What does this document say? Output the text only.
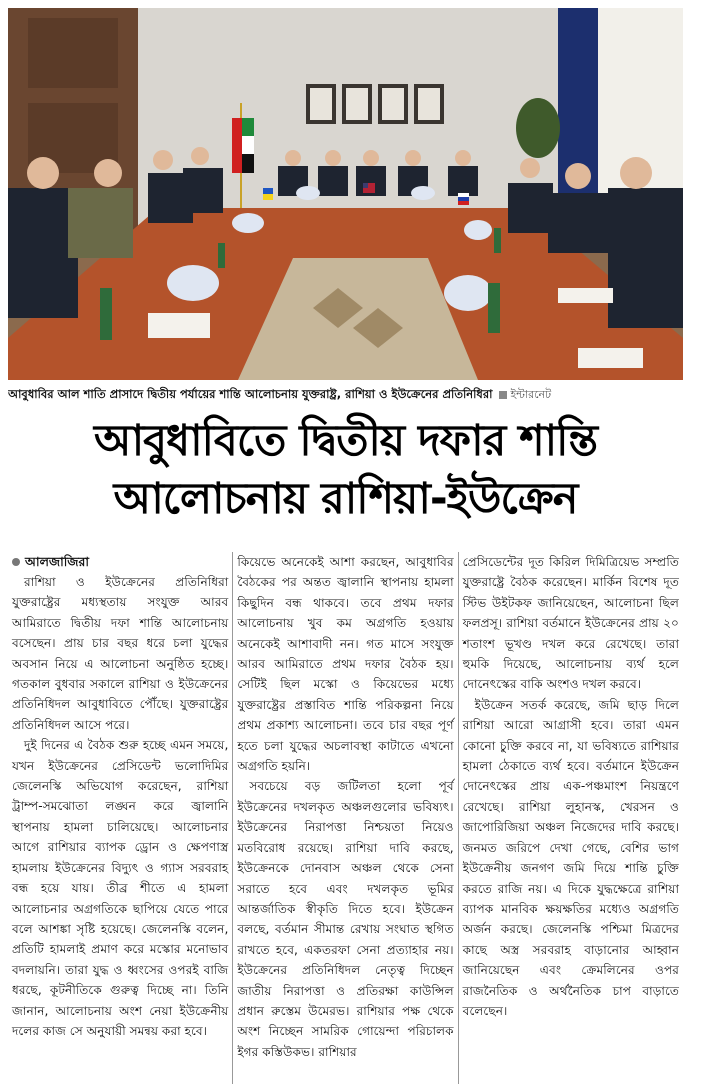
আবুধাবির আল শাতি প্রাসাদে দ্বিতীয় পর্যায়ের শান্তি আলোচনায় যুক্তরাষ্ট্র, রাশিয়া ও ইউক্রেনের প্রতিনিধিরা ইন্টারনেট
আবুধাবিতে দ্বিতীয় দফার শান্তি
আলোচনায় রাশিয়া-ইউক্রেন
আলজাজিরা

রাশিয়া ও ইউক্রেনের প্রতিনিধিরা যুক্তরাষ্ট্রের মধ্যস্থতায় সংযুক্ত আরব আমিরাতে দ্বিতীয় দফা শান্তি আলোচনায় বসেছেন। প্রায় চার বছর ধরে চলা যুদ্ধের অবসান নিয়ে এ আলোচনা অনুষ্ঠিত হচ্ছে। গতকাল বুধবার সকালে রাশিয়া ও ইউক্রেনের প্রতিনিধিদল আবুধাবিতে পৌঁছে। যুক্তরাষ্ট্রের প্রতিনিধিদল আসে পরে।

দুই দিনের এ বৈঠক শুরু হচ্ছে এমন সময়ে, যখন ইউক্রেনের প্রেসিডেন্ট ভলোদিমির জেলেনস্কি অভিযোগ করেছেন, রাশিয়া ট্রাম্প-সমঝোতা লঙ্ঘন করে জ্বালানি স্থাপনায় হামলা চালিয়েছে। আলোচনার আগে রাশিয়ার ব্যাপক ড্রোন ও ক্ষেপণাস্ত্র হামলায় ইউক্রেনের বিদ্যুৎ ও গ্যাস সরবরাহ বন্ধ হয়ে যায়। তীব্র শীতে এ হামলা আলোচনার অগ্রগতিকে ছাপিয়ে যেতে পারে বলে আশঙ্কা সৃষ্টি হয়েছে। জেলেনস্কি বলেন, প্রতিটি হামলাই প্রমাণ করে মস্কোর মনোভাব বদলায়নি। তারা যুদ্ধ ও ধ্বংসের ওপরই বাজি ধরছে, কূটনীতিকে গুরুত্ব দিচ্ছে না। তিনি জানান, আলোচনায় অংশ নেয়া ইউক্রেনীয় দলের কাজ সে অনুযায়ী সমন্বয় করা হবে।

কিয়েভে অনেকেই আশা করছেন, আবুধাবির বৈঠকের পর অন্তত জ্বালানি স্থাপনায় হামলা কিছুদিন বন্ধ থাকবে। তবে প্রথম দফার আলোচনায় খুব কম অগ্রগতি হওয়ায় অনেকেই আশাবাদী নন। গত মাসে সংযুক্ত আরব আমিরাতে প্রথম দফার বৈঠক হয়। সেটিই ছিল মস্কো ও কিয়েভের মধ্যে যুক্তরাষ্ট্রের প্রস্তাবিত শান্তি পরিকল্পনা নিয়ে প্রথম প্রকাশ্য আলোচনা। তবে চার বছর পূর্ণ হতে চলা যুদ্ধের অচলাবস্থা কাটাতে এখনো অগ্রগতি হয়নি।

সবচেয়ে বড় জটিলতা হলো পূর্ব ইউক্রেনের দখলকৃত অঞ্চলগুলোর ভবিষ্যৎ। ইউক্রেনের নিরাপত্তা নিশ্চয়তা নিয়েও মতবিরোধ রয়েছে। রাশিয়া দাবি করছে, ইউক্রেনকে দোনবাস অঞ্চল থেকে সেনা সরাতে হবে এবং দখলকৃত ভূমির আন্তর্জাতিক স্বীকৃতি দিতে হবে। ইউক্রেন বলছে, বর্তমান সীমান্ত রেখায় সংঘাত স্থগিত রাখতে হবে, একতরফা সেনা প্রত্যাহার নয়। ইউক্রেনের প্রতিনিধিদল নেতৃত্ব দিচ্ছেন জাতীয় নিরাপত্তা ও প্রতিরক্ষা কাউন্সিল প্রধান রুস্তেম উমেরভ। রাশিয়ার পক্ষ থেকে অংশ নিচ্ছেন সামরিক গোয়েন্দা পরিচালক ইগর কস্তিউকভ। রাশিয়ার

প্রেসিডেন্টের দূত কিরিল দিমিত্রিয়েভ সম্প্রতি যুক্তরাষ্ট্রে বৈঠক করেছেন। মার্কিন বিশেষ দূত স্টিভ উইটকফ জানিয়েছেন, আলোচনা ছিল ফলপ্রসূ। রাশিয়া বর্তমানে ইউক্রেনের প্রায় ২০ শতাংশ ভূখণ্ড দখল করে রেখেছে। তারা হুমকি দিয়েছে, আলোচনায় ব্যর্থ হলে দোনেৎস্কের বাকি অংশও দখল করবে।

ইউক্রেন সতর্ক করেছে, জমি ছাড় দিলে রাশিয়া আরো আগ্রাসী হবে। তারা এমন কোনো চুক্তি করবে না, যা ভবিষ্যতে রাশিয়ার হামলা ঠেকাতে ব্যর্থ হবে। বর্তমানে ইউক্রেন দোনেৎস্কের প্রায় এক-পঞ্চমাংশ নিয়ন্ত্রণে রেখেছে। রাশিয়া লুহানস্ক, খেরসন ও জাপোরিজিয়া অঞ্চল নিজেদের দাবি করছে। জনমত জরিপে দেখা গেছে, বেশির ভাগ ইউক্রেনীয় জনগণ জমি দিয়ে শান্তি চুক্তি করতে রাজি নয়। এ দিকে যুদ্ধক্ষেত্রে রাশিয়া ব্যাপক মানবিক ক্ষয়ক্ষতির মধ্যেও অগ্রগতি অর্জন করছে। জেলেনস্কি পশ্চিমা মিত্রদের কাছে অস্ত্র সরবরাহ বাড়ানোর আহ্বান জানিয়েছেন এবং ক্রেমলিনের ওপর রাজনৈতিক ও অর্থনৈতিক চাপ বাড়াতে বলেছেন।
